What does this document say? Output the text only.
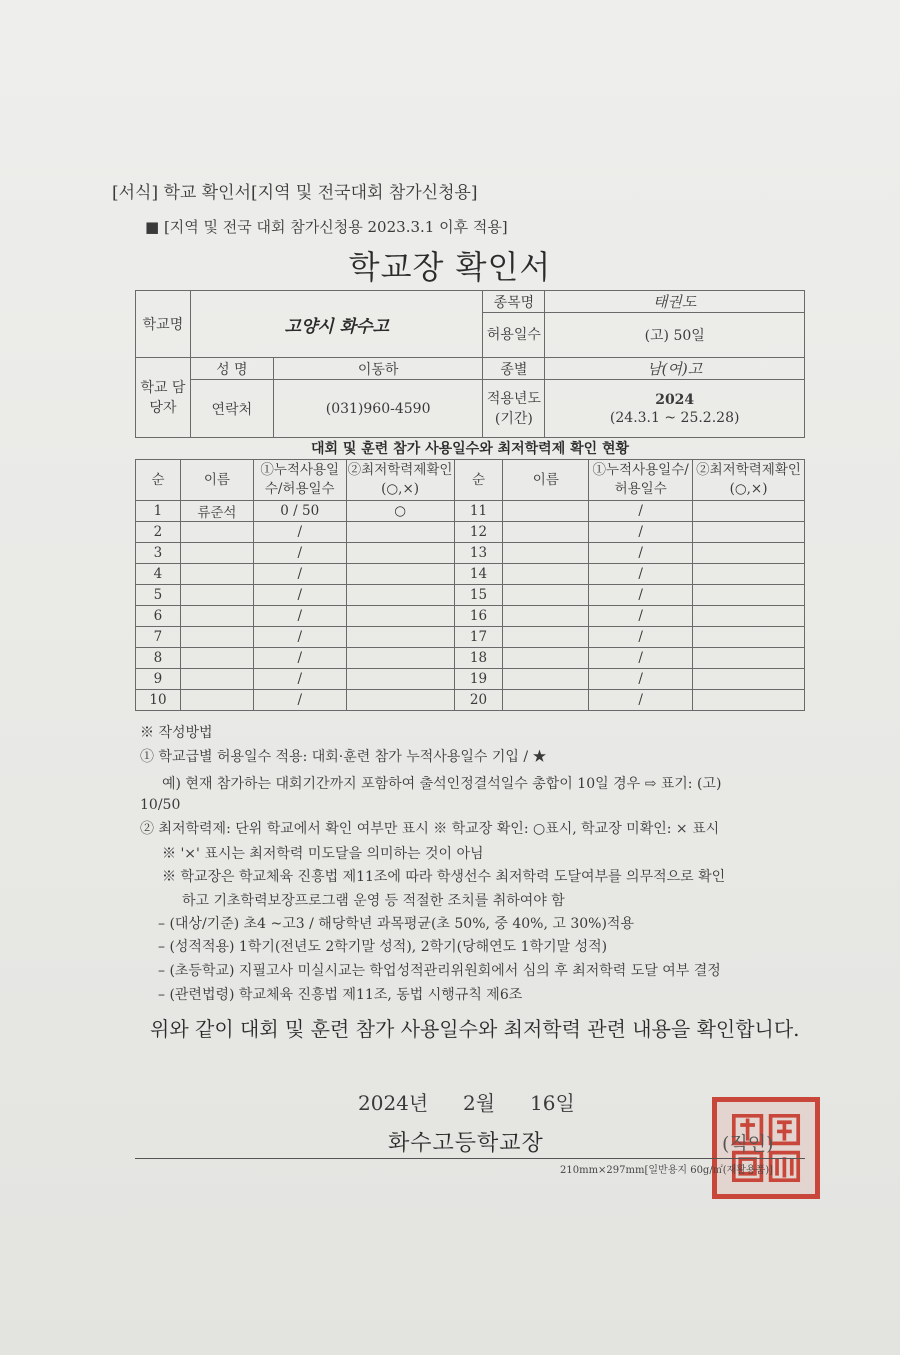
[서식] 학교 확인서[지역 및 전국대회 참가신청용]
■ [지역 및 전국 대회 참가신청용 2023.3.1 이후 적용]
학교장 확인서
학교명	고양시 화수고		종목명	태권도
			허용일수	(고) 50일
학교 담당자	성 명	이동하	종별	남(여)고
	연락처	(031)960-4590	적용년도 (기간)	2024
(24.3.1 ~ 25.2.28)
대회 및 훈련 참가 사용일수와 최저학력제 확인 현황
순	이름	①누적사용일수/허용일수	②최저학력제확인(○,×)	순	이름	①누적사용일수/허용일수	②최저학력제확인(○,×)
1	류준석	0 / 50	○	11		/	
2		/		12		/	
3		/		13		/	
4		/		14		/	
5		/		15		/	
6		/		16		/	
7		/		17		/	
8		/		18		/	
9		/		19		/	
10		/		20		/	
※ 작성방법
① 학교급별 허용일수 적용: 대회·훈련 참가 누적사용일수 기입 / ★
예) 현재 참가하는 대회기간까지 포함하여 출석인정결석일수 총합이 10일 경우 ⇨ 표기: (고)
10/50
② 최저학력제: 단위 학교에서 확인 여부만 표시 ※ 학교장 확인: ○표시, 학교장 미확인: × 표시
※ '×' 표시는 최저학력 미도달을 의미하는 것이 아님
※ 학교장은 학교체육 진흥법 제11조에 따라 학생선수 최저학력 도달여부를 의무적으로 확인
하고 기초학력보장프로그램 운영 등 적절한 조치를 취하여야 함
– (대상/기준) 초4 ~고3 / 해당학년 과목평균(초 50%, 중 40%, 고 30%)적용
– (성적적용) 1학기(전년도 2학기말 성적), 2학기(당해연도 1학기말 성적)
– (초등학교) 지필고사 미실시교는 학업성적관리위원회에서 심의 후 최저학력 도달 여부 결정
– (관련법령) 학교체육 진흥법 제11조, 동법 시행규칙 제6조
위와 같이 대회 및 훈련 참가 사용일수와 최저학력 관련 내용을 확인합니다.
2024년 2월 16일
화수고등학교장	(직인)
210mm×297mm[일반용지 60g/㎡(재활용품)]
